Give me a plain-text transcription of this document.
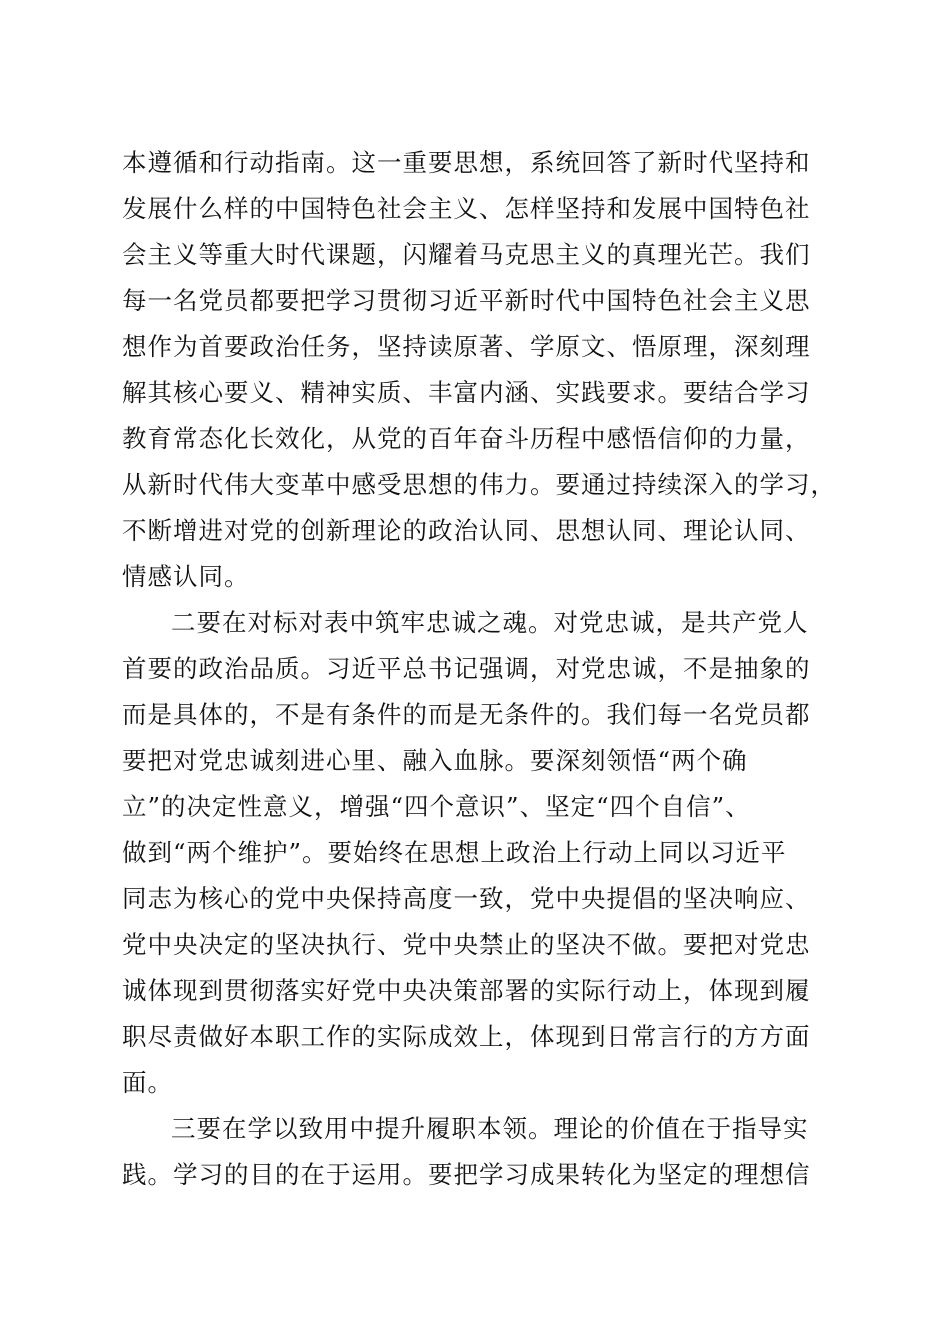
本遵循和行动指南。这一重要思想，系统回答了新时代坚持和
发展什么样的中国特色社会主义、怎样坚持和发展中国特色社
会主义等重大时代课题，闪耀着马克思主义的真理光芒。我们
每一名党员都要把学习贯彻习近平新时代中国特色社会主义思
想作为首要政治任务，坚持读原著、学原文、悟原理，深刻理
解其核心要义、精神实质、丰富内涵、实践要求。要结合学习
教育常态化长效化，从党的百年奋斗历程中感悟信仰的力量，
从新时代伟大变革中感受思想的伟力。要通过持续深入的学习，
不断增进对党的创新理论的政治认同、思想认同、理论认同、
情感认同。
二要在对标对表中筑牢忠诚之魂。对党忠诚，是共产党人
首要的政治品质。习近平总书记强调，对党忠诚，不是抽象的
而是具体的，不是有条件的而是无条件的。我们每一名党员都
要把对党忠诚刻进心里、融入血脉。要深刻领悟“两个确
立”的决定性意义，增强“四个意识”、坚定“四个自信”、
做到“两个维护”。要始终在思想上政治上行动上同以习近平
同志为核心的党中央保持高度一致，党中央提倡的坚决响应、
党中央决定的坚决执行、党中央禁止的坚决不做。要把对党忠
诚体现到贯彻落实好党中央决策部署的实际行动上，体现到履
职尽责做好本职工作的实际成效上，体现到日常言行的方方面
面。
三要在学以致用中提升履职本领。理论的价值在于指导实
践。学习的目的在于运用。要把学习成果转化为坚定的理想信
